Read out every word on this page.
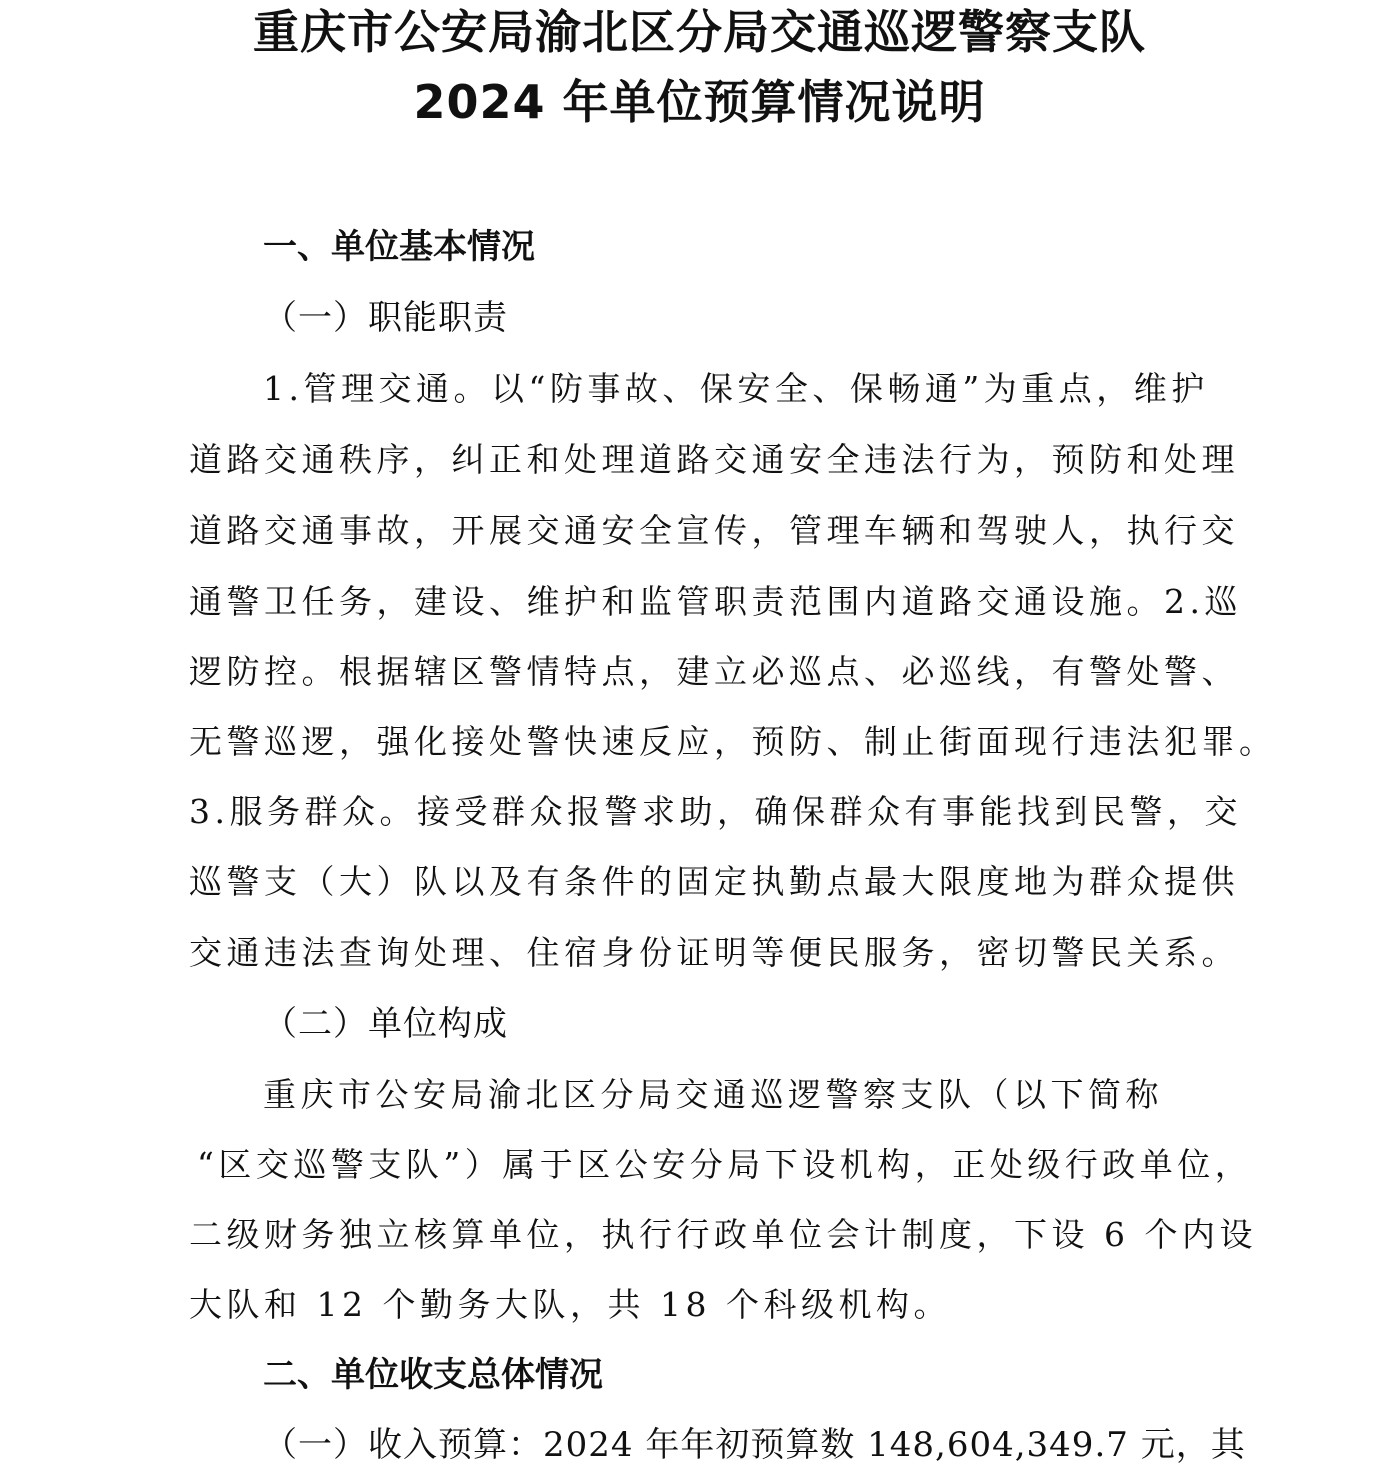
重庆市公安局渝北区分局交通巡逻警察支队
2024 年单位预算情况说明
一、单位基本情况
（一）职能职责
1.管理交通。以“防事故、保安全、保畅通”为重点，维护
道路交通秩序，纠正和处理道路交通安全违法行为，预防和处理
道路交通事故，开展交通安全宣传，管理车辆和驾驶人，执行交
通警卫任务，建设、维护和监管职责范围内道路交通设施。2.巡
逻防控。根据辖区警情特点，建立必巡点、必巡线，有警处警、
无警巡逻，强化接处警快速反应，预防、制止街面现行违法犯罪。
3.服务群众。接受群众报警求助，确保群众有事能找到民警，交
巡警支（大）队以及有条件的固定执勤点最大限度地为群众提供
交通违法查询处理、住宿身份证明等便民服务，密切警民关系。
（二）单位构成
重庆市公安局渝北区分局交通巡逻警察支队（以下简称
“区交巡警支队”）属于区公安分局下设机构，正处级行政单位，
二级财务独立核算单位，执行行政单位会计制度，下设 6 个内设
大队和 12 个勤务大队，共 18 个科级机构。
二、单位收支总体情况
（一）收入预算：2024 年年初预算数 148,604,349.7 元，其
